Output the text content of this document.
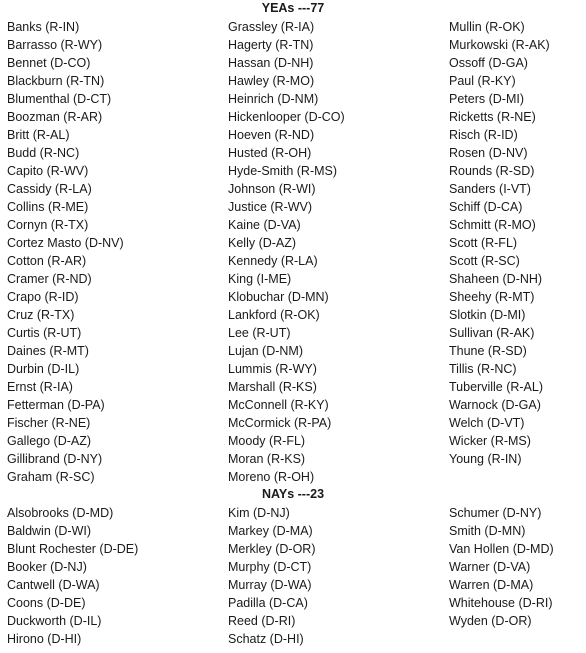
YEAs ---77
Banks (R-IN)
Barrasso (R-WY)
Bennet (D-CO)
Blackburn (R-TN)
Blumenthal (D-CT)
Boozman (R-AR)
Britt (R-AL)
Budd (R-NC)
Capito (R-WV)
Cassidy (R-LA)
Collins (R-ME)
Cornyn (R-TX)
Cortez Masto (D-NV)
Cotton (R-AR)
Cramer (R-ND)
Crapo (R-ID)
Cruz (R-TX)
Curtis (R-UT)
Daines (R-MT)
Durbin (D-IL)
Ernst (R-IA)
Fetterman (D-PA)
Fischer (R-NE)
Gallego (D-AZ)
Gillibrand (D-NY)
Graham (R-SC)
Grassley (R-IA)
Hagerty (R-TN)
Hassan (D-NH)
Hawley (R-MO)
Heinrich (D-NM)
Hickenlooper (D-CO)
Hoeven (R-ND)
Husted (R-OH)
Hyde-Smith (R-MS)
Johnson (R-WI)
Justice (R-WV)
Kaine (D-VA)
Kelly (D-AZ)
Kennedy (R-LA)
King (I-ME)
Klobuchar (D-MN)
Lankford (R-OK)
Lee (R-UT)
Lujan (D-NM)
Lummis (R-WY)
Marshall (R-KS)
McConnell (R-KY)
McCormick (R-PA)
Moody (R-FL)
Moran (R-KS)
Moreno (R-OH)
Mullin (R-OK)
Murkowski (R-AK)
Ossoff (D-GA)
Paul (R-KY)
Peters (D-MI)
Ricketts (R-NE)
Risch (R-ID)
Rosen (D-NV)
Rounds (R-SD)
Sanders (I-VT)
Schiff (D-CA)
Schmitt (R-MO)
Scott (R-FL)
Scott (R-SC)
Shaheen (D-NH)
Sheehy (R-MT)
Slotkin (D-MI)
Sullivan (R-AK)
Thune (R-SD)
Tillis (R-NC)
Tuberville (R-AL)
Warnock (D-GA)
Welch (D-VT)
Wicker (R-MS)
Young (R-IN)
NAYs ---23
Alsobrooks (D-MD)
Baldwin (D-WI)
Blunt Rochester (D-DE)
Booker (D-NJ)
Cantwell (D-WA)
Coons (D-DE)
Duckworth (D-IL)
Hirono (D-HI)
Kim (D-NJ)
Markey (D-MA)
Merkley (D-OR)
Murphy (D-CT)
Murray (D-WA)
Padilla (D-CA)
Reed (D-RI)
Schatz (D-HI)
Schumer (D-NY)
Smith (D-MN)
Van Hollen (D-MD)
Warner (D-VA)
Warren (D-MA)
Whitehouse (D-RI)
Wyden (D-OR)
